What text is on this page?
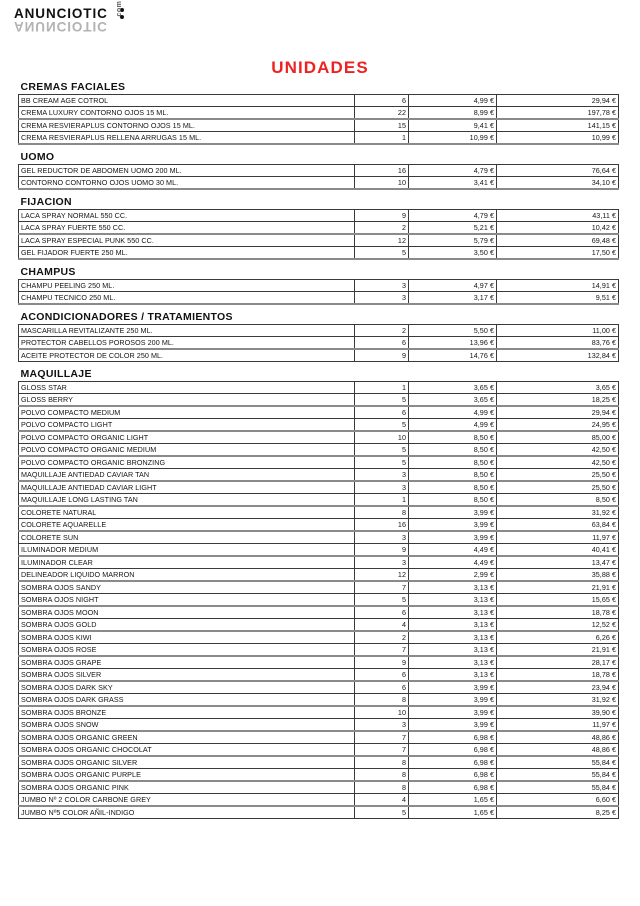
ANUNCIOTIC
ANUNCIOTIC
.com
UNIDADES
CREMAS FACIALES			
BB CREAM AGE COTROL	6	4,99 €	29,94 €
CREMA LUXURY CONTORNO OJOS 15 ML.	22	8,99 €	197,78 €
CREMA RESVIERAPLUS CONTORNO OJOS 15 ML.	15	9,41 €	141,15 €
CREMA RESVIERAPLUS RELLENA ARRUGAS 15 ML.	1	10,99 €	10,99 €

UOMO			
GEL REDUCTOR DE ABDOMEN UOMO 200 ML.	16	4,79 €	76,64 €
CONTORNO CONTORNO OJOS UOMO 30 ML.	10	3,41 €	34,10 €

FIJACION			
LACA SPRAY NORMAL 550 CC.	9	4,79 €	43,11 €
LACA SPRAY FUERTE 550 CC.	2	5,21 €	10,42 €
LACA SPRAY ESPECIAL PUNK 550 CC.	12	5,79 €	69,48 €
GEL FIJADOR FUERTE 250 ML.	5	3,50 €	17,50 €

CHAMPUS			
CHAMPU PEELING 250 ML.	3	4,97 €	14,91 €
CHAMPU TECNICO 250 ML.	3	3,17 €	9,51 €

ACONDICIONADORES / TRATAMIENTOS			
MASCARILLA REVITALIZANTE 250 ML.	2	5,50 €	11,00 €
PROTECTOR CABELLOS POROSOS 200 ML.	6	13,96 €	83,76 €
ACEITE PROTECTOR DE COLOR 250 ML.	9	14,76 €	132,84 €

MAQUILLAJE			
GLOSS STAR	1	3,65 €	3,65 €
GLOSS BERRY	5	3,65 €	18,25 €
POLVO COMPACTO MEDIUM	6	4,99 €	29,94 €
POLVO COMPACTO LIGHT	5	4,99 €	24,95 €
POLVO COMPACTO ORGANIC LIGHT	10	8,50 €	85,00 €
POLVO COMPACTO ORGANIC MEDIUM	5	8,50 €	42,50 €
POLVO COMPACTO ORGANIC BRONZING	5	8,50 €	42,50 €
MAQUILLAJE ANTIEDAD CAVIAR TAN	3	8,50 €	25,50 €
MAQUILLAJE ANTIEDAD CAVIAR LIGHT	3	8,50 €	25,50 €
MAQUILLAJE LONG LASTING TAN	1	8,50 €	8,50 €
COLORETE NATURAL	8	3,99 €	31,92 €
COLORETE AQUARELLE	16	3,99 €	63,84 €
COLORETE SUN	3	3,99 €	11,97 €
ILUMINADOR MEDIUM	9	4,49 €	40,41 €
ILUMINADOR CLEAR	3	4,49 €	13,47 €
DELINEADOR LIQUIDO MARRON	12	2,99 €	35,88 €
SOMBRA OJOS SANDY	7	3,13 €	21,91 €
SOMBRA OJOS NIGHT	5	3,13 €	15,65 €
SOMBRA OJOS MOON	6	3,13 €	18,78 €
SOMBRA OJOS GOLD	4	3,13 €	12,52 €
SOMBRA OJOS KIWI	2	3,13 €	6,26 €
SOMBRA OJOS ROSE	7	3,13 €	21,91 €
SOMBRA OJOS GRAPE	9	3,13 €	28,17 €
SOMBRA OJOS SILVER	6	3,13 €	18,78 €
SOMBRA OJOS DARK SKY	6	3,99 €	23,94 €
SOMBRA OJOS DARK GRASS	8	3,99 €	31,92 €
SOMBRA OJOS BRONZE	10	3,99 €	39,90 €
SOMBRA OJOS SNOW	3	3,99 €	11,97 €
SOMBRA OJOS ORGANIC GREEN	7	6,98 €	48,86 €
SOMBRA OJOS ORGANIC CHOCOLAT	7	6,98 €	48,86 €
SOMBRA OJOS ORGANIC SILVER	8	6,98 €	55,84 €
SOMBRA OJOS ORGANIC PURPLE	8	6,98 €	55,84 €
SOMBRA OJOS ORGANIC PINK	8	6,98 €	55,84 €
JUMBO Nº 2 COLOR CARBONE GREY	4	1,65 €	6,60 €
JUMBO Nº5 COLOR AÑIL-INDIGO	5	1,65 €	8,25 €
